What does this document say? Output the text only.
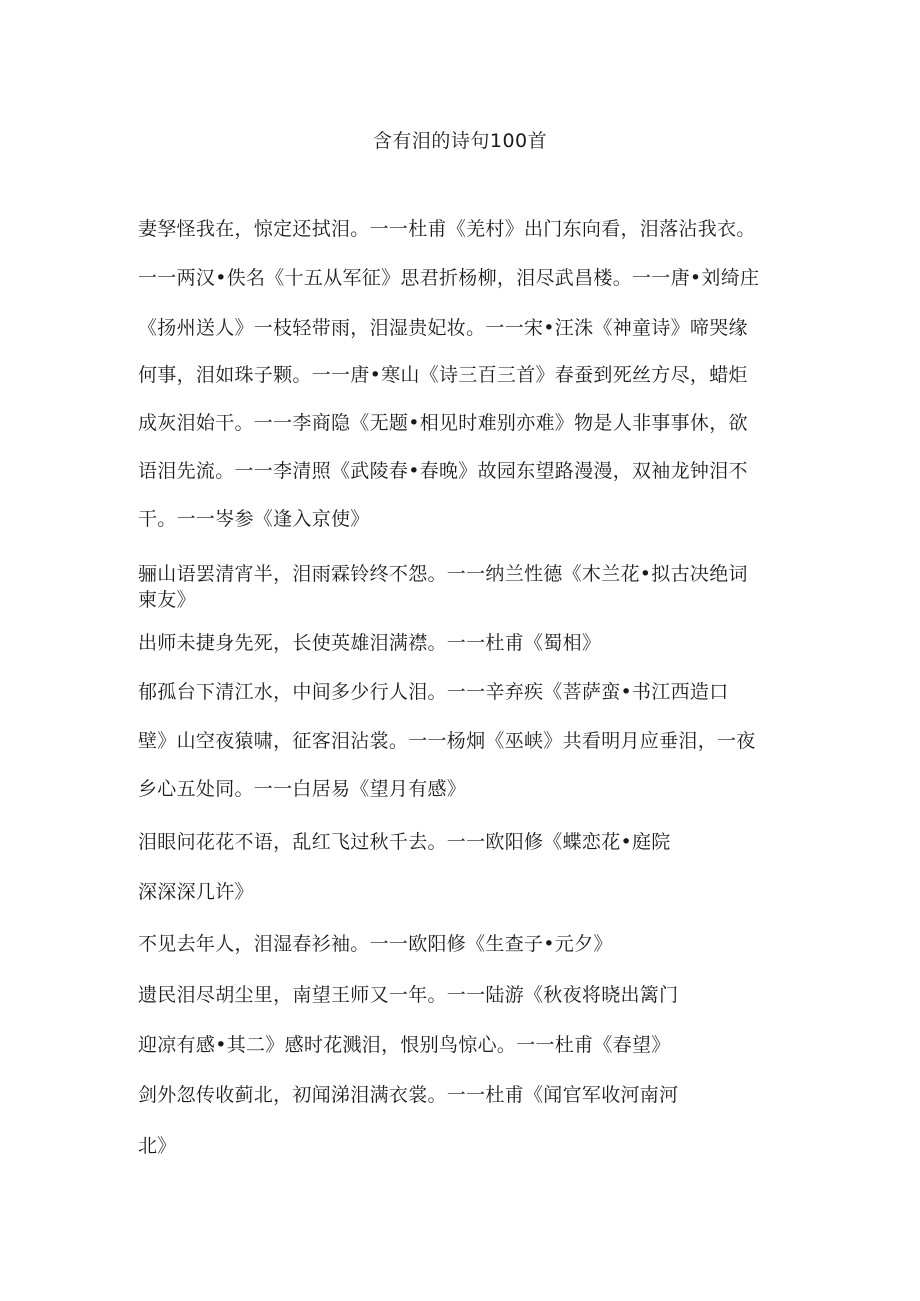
含有泪的诗句100首
妻孥怪我在，惊定还拭泪。一一杜甫《羌村》出门东向看，泪落沾我衣。
一一两汉•佚名《十五从军征》思君折杨柳，泪尽武昌楼。一一唐•刘绮庄
《扬州送人》一枝轻带雨，泪湿贵妃妆。一一宋•汪洙《神童诗》啼哭缘
何事，泪如珠子颗。一一唐•寒山《诗三百三首》春蚕到死丝方尽，蜡炬
成灰泪始干。一一李商隐《无题•相见时难别亦难》物是人非事事休，欲
语泪先流。一一李清照《武陵春•春晚》故园东望路漫漫，双袖龙钟泪不
干。一一岑参《逢入京使》
骊山语罢清宵半，泪雨霖铃终不怨。一一纳兰性德《木兰花•拟古决绝词
柬友》
出师未捷身先死，长使英雄泪满襟。一一杜甫《蜀相》
郁孤台下清江水，中间多少行人泪。一一辛弃疾《菩萨蛮•书江西造口
壁》山空夜猿啸，征客泪沾裳。一一杨炯《巫峡》共看明月应垂泪，一夜
乡心五处同。一一白居易《望月有感》
泪眼问花花不语，乱红飞过秋千去。一一欧阳修《蝶恋花•庭院
深深深几许》
不见去年人，泪湿春衫袖。一一欧阳修《生查子•元夕》
遗民泪尽胡尘里，南望王师又一年。一一陆游《秋夜将晓出篱门
迎凉有感•其二》感时花溅泪，恨别鸟惊心。一一杜甫《春望》
剑外忽传收蓟北，初闻涕泪满衣裳。一一杜甫《闻官军收河南河
北》
